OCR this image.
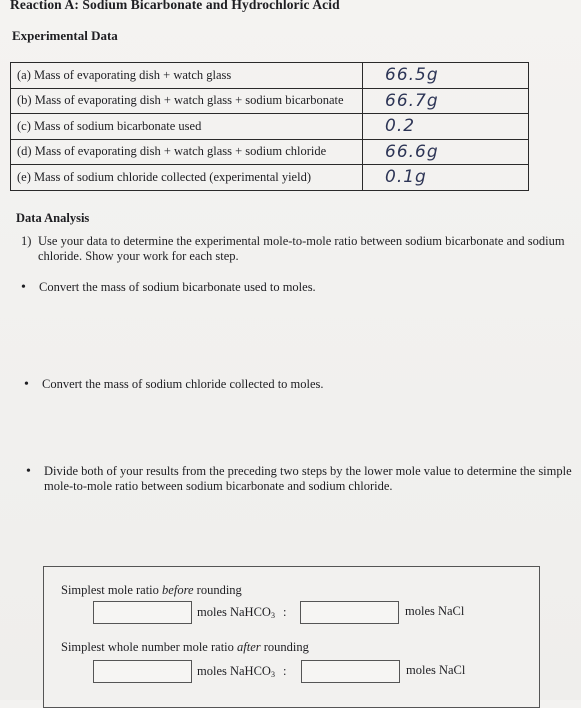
Reaction A: Sodium Bicarbonate and Hydrochloric Acid
Experimental Data
(a) Mass of evaporating dish + watch glass	66.5g
(b) Mass of evaporating dish + watch glass + sodium bicarbonate	66.7g
(c) Mass of sodium bicarbonate used	0.2
(d) Mass of evaporating dish + watch glass + sodium chloride	66.6g
(e) Mass of sodium chloride collected (experimental yield)	0.1g
Data Analysis
1) Use your data to determine the experimental mole-to-mole ratio between sodium bicarbonate and sodium chloride. Show your work for each step.
• Convert the mass of sodium bicarbonate used to moles.
• Convert the mass of sodium chloride collected to moles.
• Divide both of your results from the preceding two steps by the lower mole value to determine the simple mole-to-mole ratio between sodium bicarbonate and sodium chloride.
Simplest mole ratio before rounding
moles NaHCO$_3$ :	moles NaCl
Simplest whole number mole ratio after rounding
moles NaHCO$_3$ :	moles NaCl
